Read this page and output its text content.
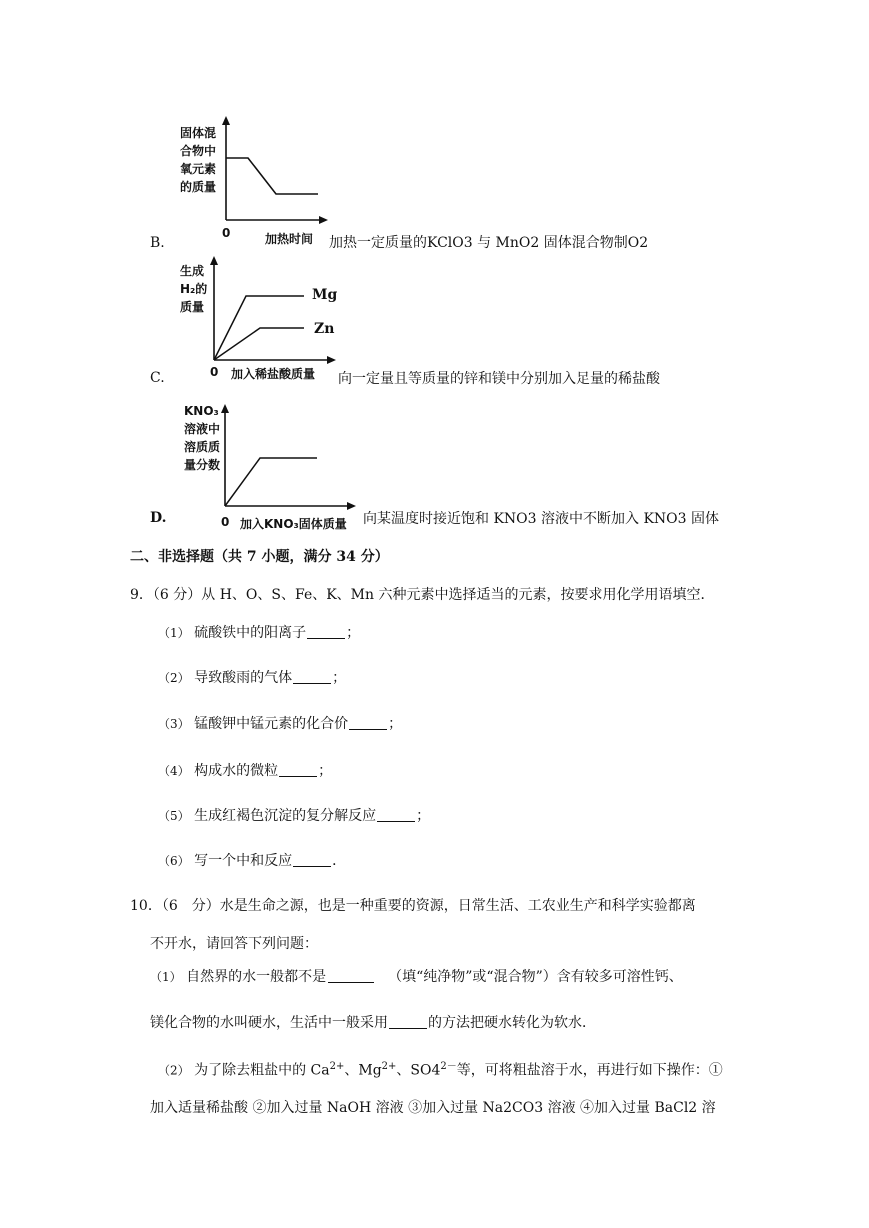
固体混
合物中
氧元素
的质量
0	加热时间
B.	加热一定质量的KClO3 与 MnO2 固体混合物制O2
生成
H₂的
质量
Mg
Zn
0 加入稀盐酸质量
C.	向一定量且等质量的锌和镁中分别加入足量的稀盐酸
KNO₃
溶液中
溶质质
量分数
0 加入KNO₃固体质量
D.	向某温度时接近饱和 KNO3 溶液中不断加入 KNO3 固体
二、非选择题（共 7 小题，满分 34 分）
9．（6 分）从 H、O、S、Fe、K、Mn 六种元素中选择适当的元素，按要求用化学用语填空．
（1） 硫酸铁中的阳离子	；
（2） 导致酸雨的气体	；
（3） 锰酸钾中锰元素的化合价	；
（4） 构成水的微粒	；
（5） 生成红褐色沉淀的复分解反应	；
（6） 写一个中和反应	．
10．（6　分）水是生命之源，也是一种重要的资源，日常生活、工农业生产和科学实验都离
不开水，请回答下列问题：
（1） 自然界的水一般都不是	（填“纯净物”或“混合物”）含有较多可溶性钙、
镁化合物的水叫硬水，生活中一般采用	的方法把硬水转化为软水．
（2） 为了除去粗盐中的 $Ca^{2+}$、$Mg^{2+}$、$SO4^{2-}$等，可将粗盐溶于水，再进行如下操作：①
加入适量稀盐酸 ②加入过量 NaOH 溶液 ③加入过量 Na2CO3 溶液 ④加入过量 BaCl2 溶
